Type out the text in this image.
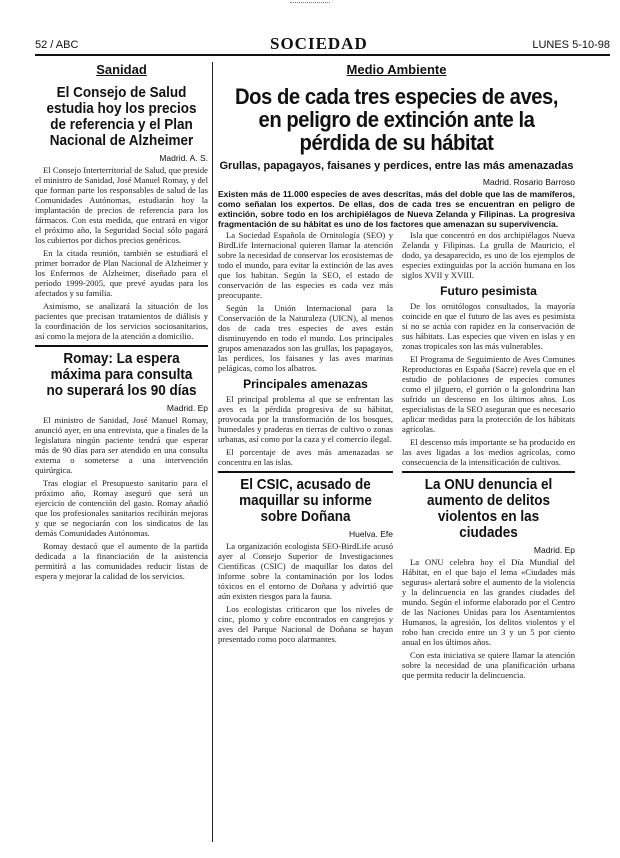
52 / ABC	SOCIEDAD	LUNES 5-10-98
Sanidad
El Consejo de Salud estudia hoy los precios de referencia y el Plan Nacional de Alzheimer
Madrid. A. S.

El Consejo Interterritorial de Salud, que preside el ministro de Sanidad, José Manuel Romay, y del que forman parte los responsables de salud de las Comunidades Autónomas, estudiarán hoy la implantación de precios de referencia para los fármacos. Con esta medida, que entrará en vigor el próximo año, la Seguridad Social sólo pagará los cubiertos por dichos precios genéricos.

En la citada reunión, también se estudiará el primer borrador de Plan Nacional de Alzheimer y los Enfermos de Alzheimer, diseñado para el período 1999-2005, que prevé ayudas para los afectados y su familia.

Asimismo, se analizará la situación de los pacientes que precisan tratamientos de diálisis y la coordinación de los servicios sociosanitarios, así como la mejora de la atención a domicilio.

Romay: La espera máxima para consulta no superará los 90 días
Madrid. Ep

El ministro de Sanidad, José Manuel Romay, anunció ayer, en una entrevista, que a finales de la legislatura ningún paciente tendrá que esperar más de 90 días para ser atendido en una consulta externa o someterse a una intervención quirúrgica.

Tras elogiar el Presupuesto sanitario para el próximo año, Romay aseguró que será un ejercicio de contención del gasto. Romay añadió que los profesionales sanitarios recibirán mejoras y que se negociarán con los sindicatos de las demás Comunidades Autónomas.

Romay destacó que el aumento de la partida dedicada a la financiación de la asistencia permitirá a las comunidades reducir listas de espera y mejorar la calidad de los servicios.

Medio Ambiente
Dos de cada tres especies de aves, en peligro de extinción ante la pérdida de su hábitat
Grullas, papagayos, faisanes y perdices, entre las más amenazadas
Madrid. Rosario Barroso

Existen más de 11.000 especies de aves descritas, más del doble que las de mamíferos, como señalan los expertos. De ellas, dos de cada tres se encuentran en peligro de extinción, sobre todo en los archipiélagos de Nueva Zelanda y Filipinas. La progresiva fragmentación de su hábitat es uno de los factores que amenazan su supervivencia.

La Sociedad Española de Ornitología (SEO) y BirdLife Internacional quieren llamar la atención sobre la necesidad de conservar los ecosistemas de todo el mundo, para evitar la extinción de las aves que los habitan. Según la SEO, el estado de conservación de las especies es cada vez más preocupante.

Según la Unión Internacional para la Conservación de la Naturaleza (UICN), al menos dos de cada tres especies de aves están disminuyendo en todo el mundo. Los principales grupos amenazados son las grullas, los papagayos, las perdices, los faisanes y las aves marinas pelágicas, como los albatros.

Principales amenazas

El principal problema al que se enfrentan las aves es la pérdida progresiva de su hábitat, provocada por la transformación de los bosques, humedales y praderas en tierras de cultivo o zonas urbanas, así como por la caza y el comercio ilegal.

El porcentaje de aves más amenazadas se concentra en las islas.

El CSIC, acusado de maquillar su informe sobre Doñana
Huelva. Efe

La organización ecologista SEO-BirdLife acusó ayer al Consejo Superior de Investigaciones Científicas (CSIC) de maquillar los datos del informe sobre la contaminación por los lodos tóxicos en el entorno de Doñana y advirtió que aún existen riesgos para la fauna.

Los ecologistas criticaron que los niveles de cinc, plomo y cobre encontrados en cangrejos y aves del Parque Nacional de Doñana se hayan presentado como poco alarmantes.

Isla que concentró en dos archipiélagos Nueva Zelanda y Filipinas. La grulla de Mauricio, el dodo, ya desaparecido, es uno de los ejemplos de especies extinguidas por la acción humana en los siglos XVII y XVIII.

Futuro pesimista

De los ornitólogos consultados, la mayoría coincide en que el futuro de las aves es pesimista si no se actúa con rapidez en la conservación de sus hábitats. Las especies que viven en islas y en zonas tropicales son las más vulnerables.

El Programa de Seguimiento de Aves Comunes Reproductoras en España (Sacre) revela que en el estudio de poblaciones de especies comunes como el jilguero, el gorrión o la golondrina han sufrido un descenso en los últimos años. Los especialistas de la SEO aseguran que es necesario aplicar medidas para la protección de los hábitats agrícolas.

El descenso más importante se ha producido en las aves ligadas a los medios agrícolas, como consecuencia de la intensificación de cultivos.

La ONU denuncia el aumento de delitos violentos en las ciudades
Madrid. Ep

La ONU celebra hoy el Día Mundial del Hábitat, en el que bajo el lema «Ciudades más seguras» alertará sobre el aumento de la violencia y la delincuencia en las grandes ciudades del mundo. Según el informe elaborado por el Centro de las Naciones Unidas para los Asentamientos Humanos, la agresión, los delitos violentos y el robo han crecido entre un 3 y un 5 por ciento anual en los últimos años.

Con esta iniciativa se quiere llamar la atención sobre la necesidad de una planificación urbana que permita reducir la delincuencia.
